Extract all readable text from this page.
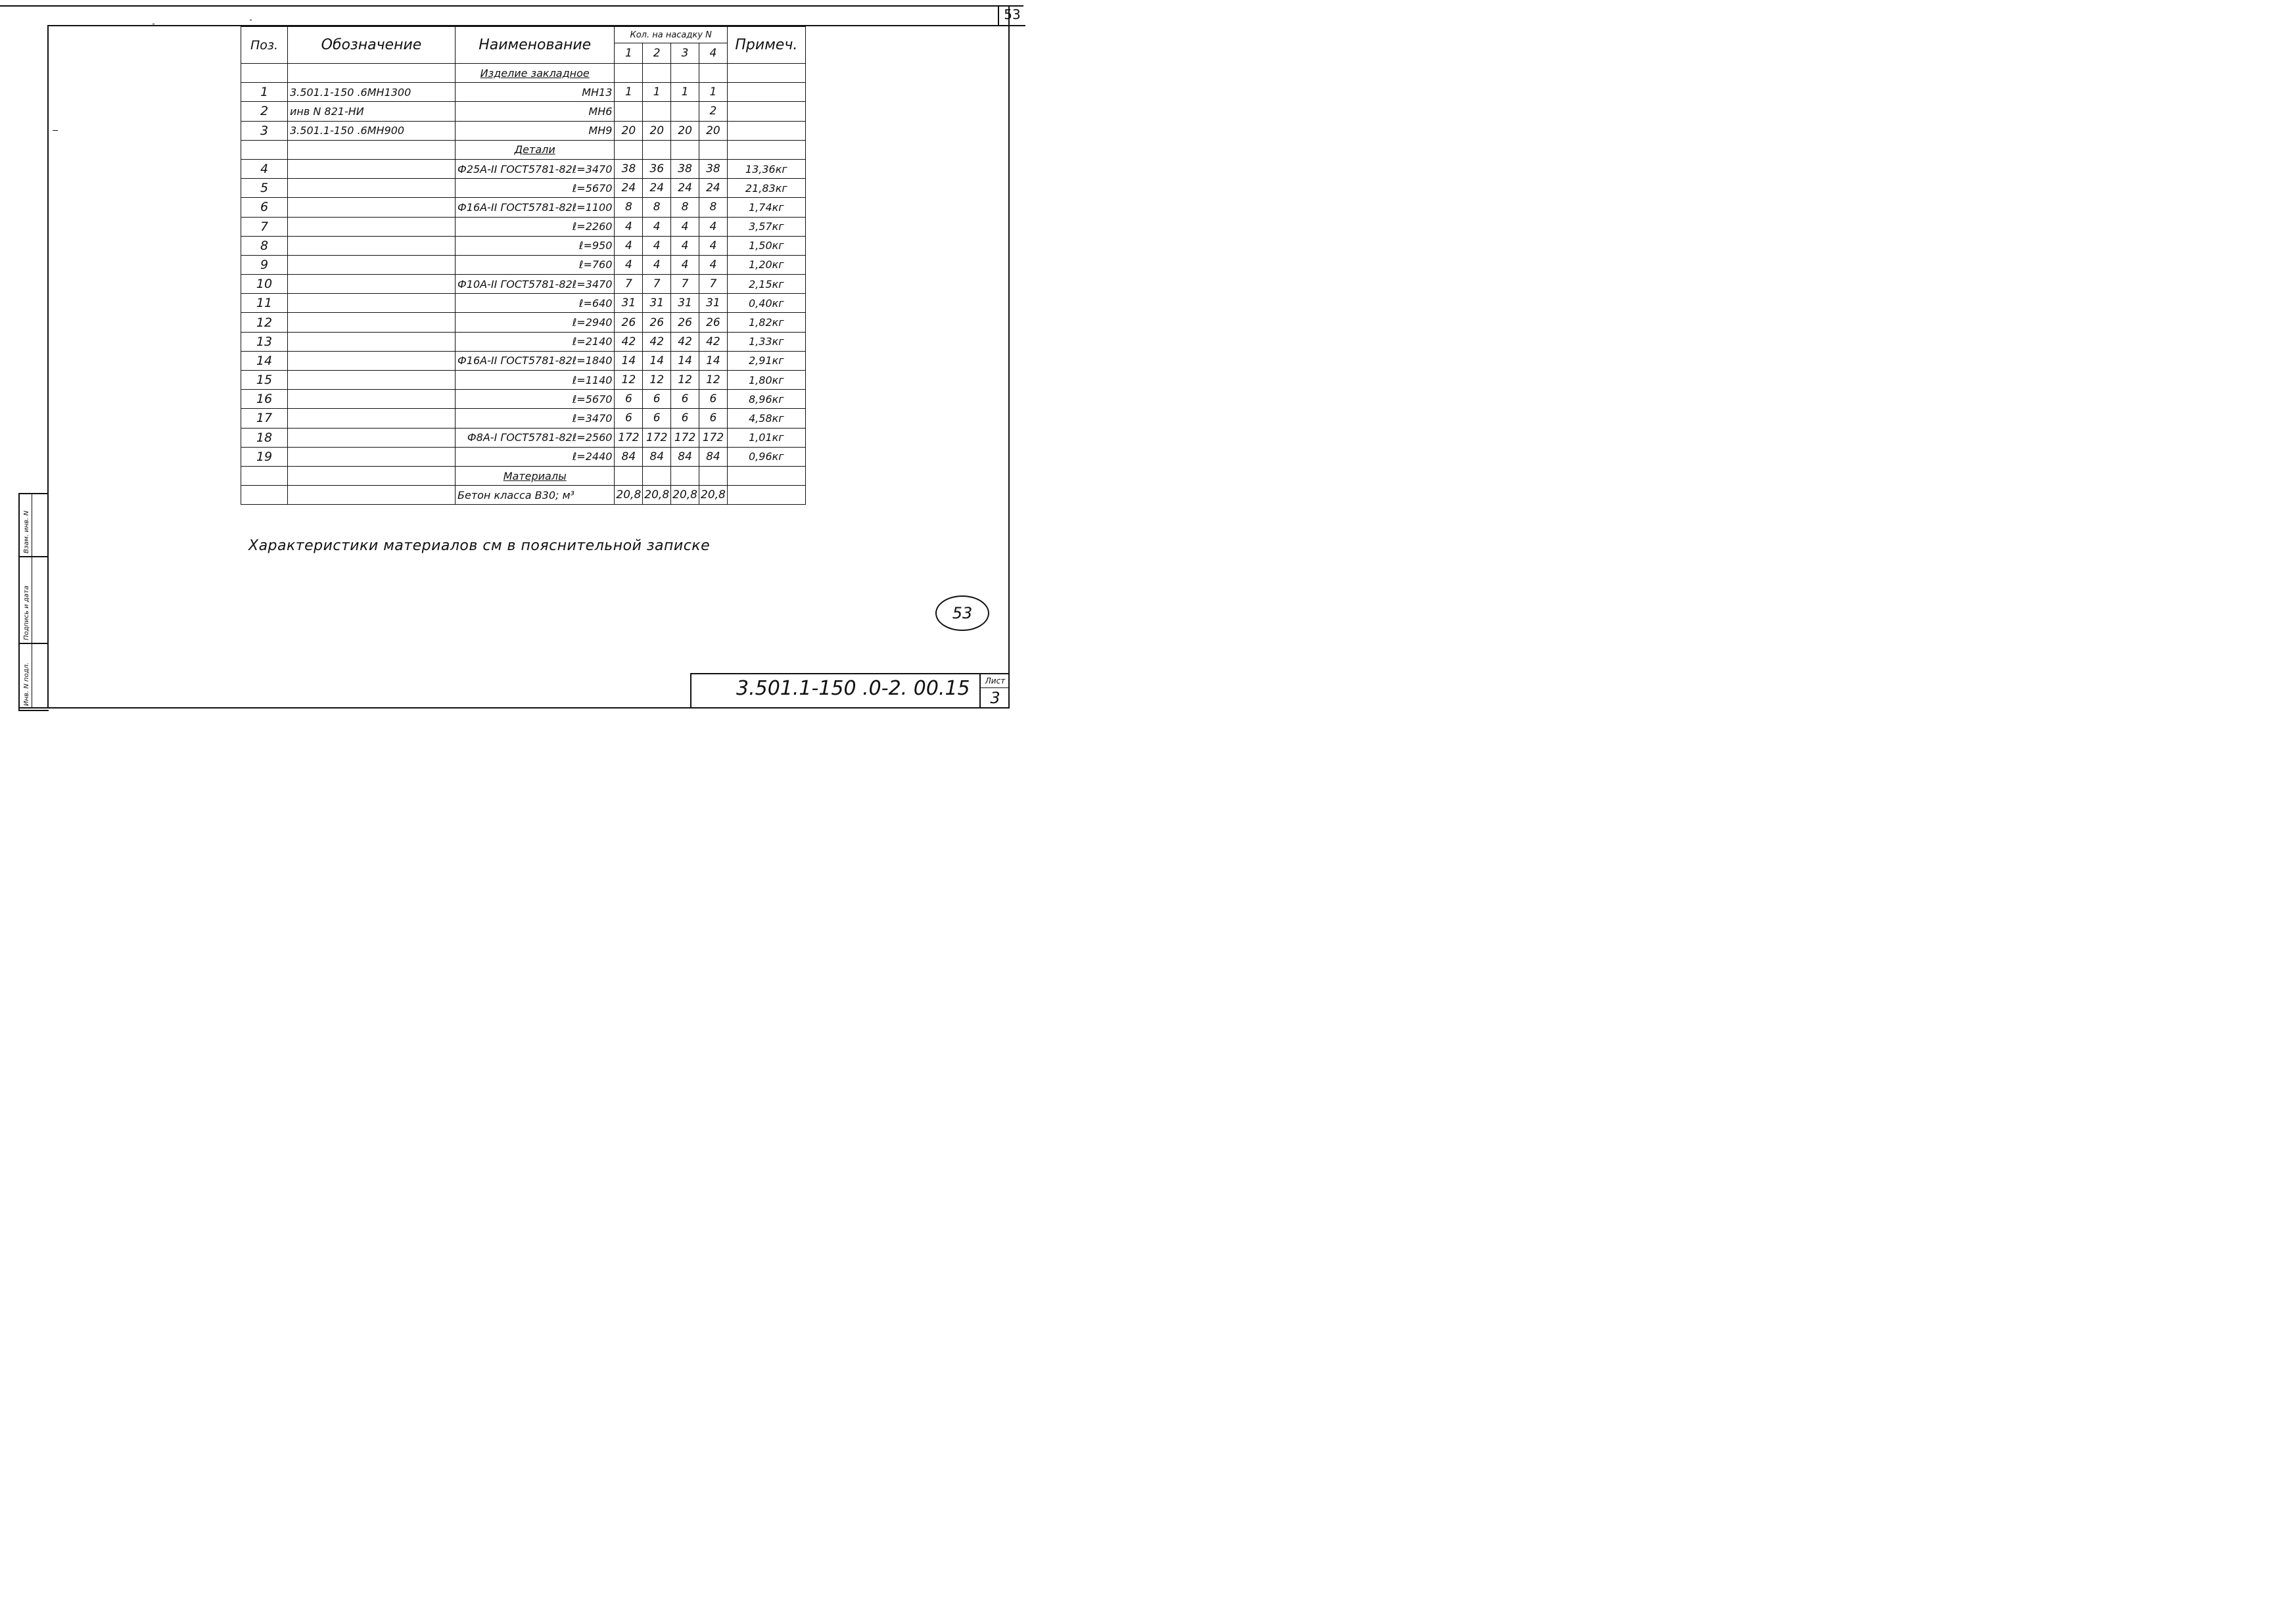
53
Взам. инв. N
Подпись и дата
Инв. N подл.
Поз.	Обозначение	Наименование	Кол. на насадку N				Примеч.
			1	2	3	4	
		Изделие закладное					
1	3.501.1-150 .6МН1300	МН13	1	1	1	1	
2	инв N 821-НИ	МН6				2	
3	3.501.1-150 .6МН900	МН9	20	20	20	20	
		Детали					
4		Ф25А-II ГОСТ5781-82ℓ=3470	38	36	38	38	13,36кг
5		ℓ=5670	24	24	24	24	21,83кг
6		Ф16А-II ГОСТ5781-82ℓ=1100	8	8	8	8	1,74кг
7		ℓ=2260	4	4	4	4	3,57кг
8		ℓ=950	4	4	4	4	1,50кг
9		ℓ=760	4	4	4	4	1,20кг
10		Ф10А-II ГОСТ5781-82ℓ=3470	7	7	7	7	2,15кг
11		ℓ=640	31	31	31	31	0,40кг
12		ℓ=2940	26	26	26	26	1,82кг
13		ℓ=2140	42	42	42	42	1,33кг
14		Ф16А-II ГОСТ5781-82ℓ=1840	14	14	14	14	2,91кг
15		ℓ=1140	12	12	12	12	1,80кг
16		ℓ=5670	6	6	6	6	8,96кг
17		ℓ=3470	6	6	6	6	4,58кг
18		Ф8А-I ГОСТ5781-82ℓ=2560	172	172	172	172	1,01кг
19		ℓ=2440	84	84	84	84	0,96кг
		Материалы					
		Бетон класса В30; м³	20,8	20,8	20,8	20,8	
Характеристики материалов см в пояснительной записке
53
3.501.1-150 .0-2. 00.15	Лист
3
